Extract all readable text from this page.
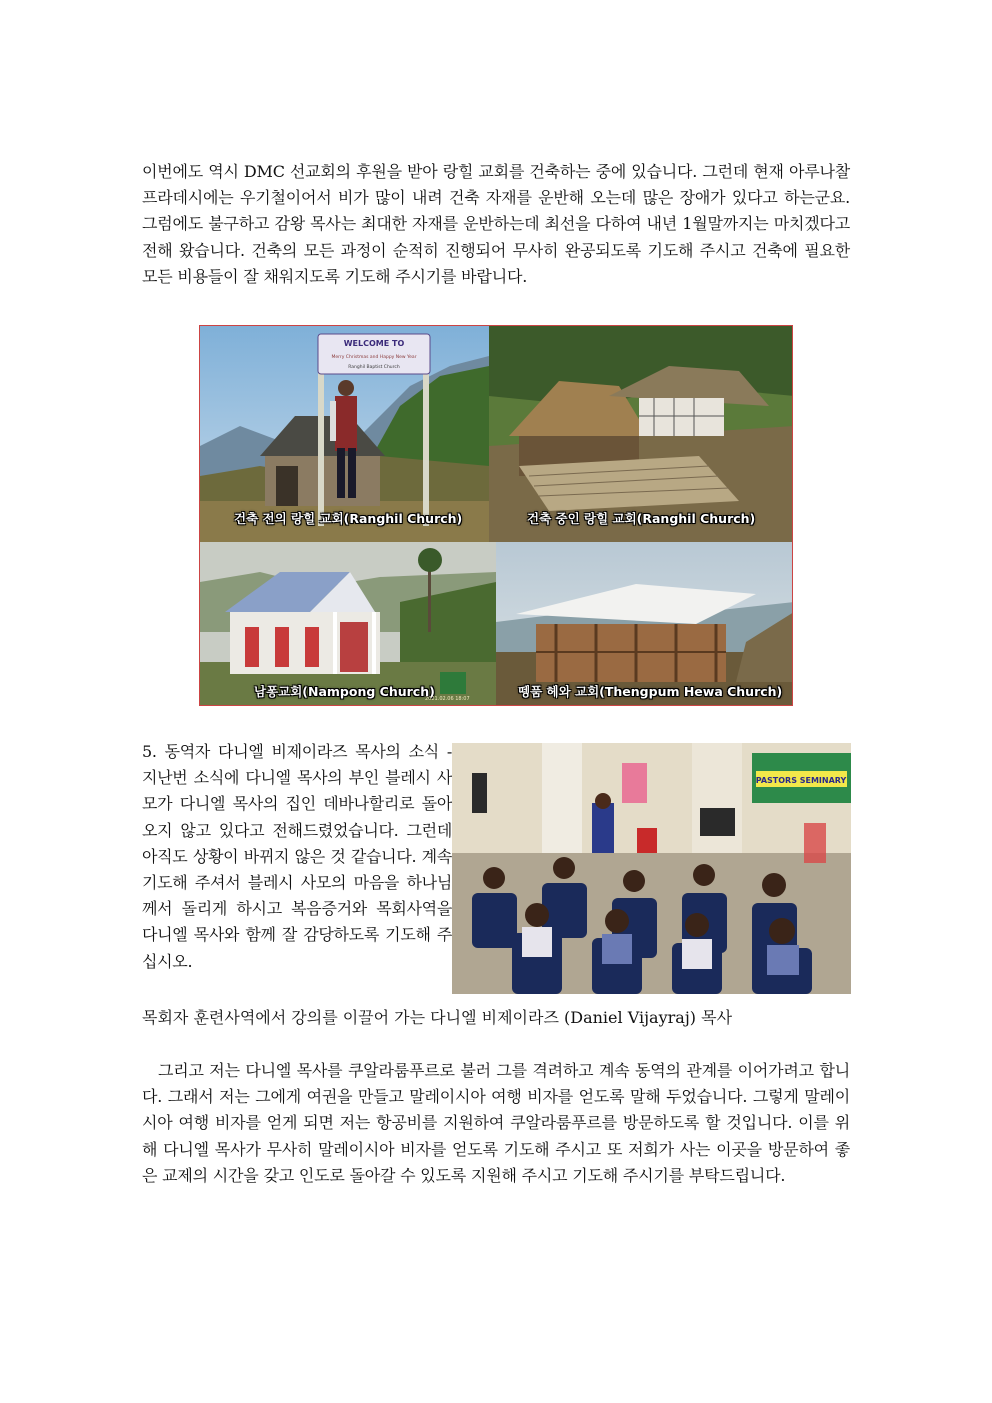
이번에도 역시 DMC 선교회의 후원을 받아 랑힐 교회를 건축하는 중에 있습니다. 그런데 현재 아루나찰 프라데시에는 우기철이어서 비가 많이 내려 건축 자재를 운반해 오는데 많은 장애가 있다고 하는군요. 그럼에도 불구하고 감왕 목사는 최대한 자재를 운반하는데 최선을 다하여 내년 1월말까지는 마치겠다고 전해 왔습니다. 건축의 모든 과정이 순적히 진행되어 무사히 완공되도록 기도해 주시고 건축에 필요한 모든 비용들이 잘 채워지도록 기도해 주시기를 바랍니다.
WELCOME TO
Merry Christmas and Happy New Year
Ranghil Baptist Church
건축 전의 랑힐 교회(Ranghil Church)	건축 중인 랑힐 교회(Ranghil Church)
남퐁교회(Nampong Church)
2021.02.06 18:07	뗑품 헤와 교회(Thengpum Hewa Church)
5. 동역자 다니엘 비제이라즈 목사의 소식 - 지난번 소식에 다니엘 목사의 부인 블레시 사모가 다니엘 목사의 집인 데바나할리로 돌아오지 않고 있다고 전해드렸었습니다. 그런데 아직도 상황이 바뀌지 않은 것 같습니다. 계속 기도해 주셔서 블레시 사모의 마음을 하나님께서 돌리게 하시고 복음증거와 목회사역을 다니엘 목사와 함께 잘 감당하도록 기도해 주십시오.
PASTORS SEMINARY
목회자 훈련사역에서 강의를 이끌어 가는 다니엘 비제이라즈 (Daniel Vijayraj) 목사
그리고 저는 다니엘 목사를 쿠알라룸푸르로 불러 그를 격려하고 계속 동역의 관계를 이어가려고 합니다. 그래서 저는 그에게 여권을 만들고 말레이시아 여행 비자를 얻도록 말해 두었습니다. 그렇게 말레이시아 여행 비자를 얻게 되면 저는 항공비를 지원하여 쿠알라룸푸르를 방문하도록 할 것입니다. 이를 위해 다니엘 목사가 무사히 말레이시아 비자를 얻도록 기도해 주시고 또 저희가 사는 이곳을 방문하여 좋은 교제의 시간을 갖고 인도로 돌아갈 수 있도록 지원해 주시고 기도해 주시기를 부탁드립니다.
